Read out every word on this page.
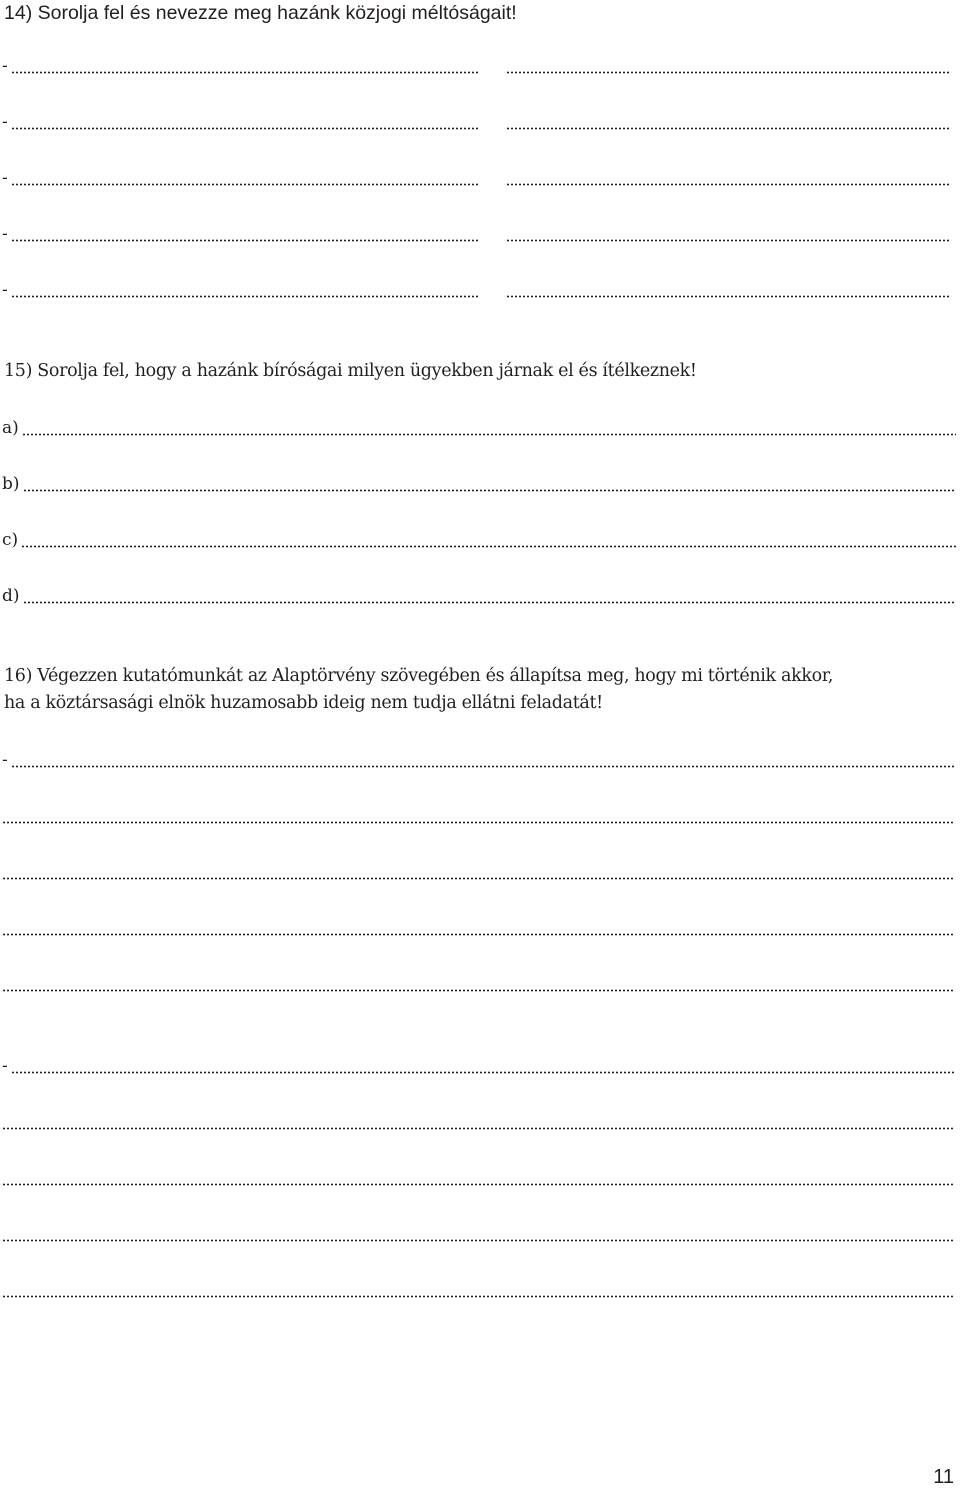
14) Sorolja fel és nevezze meg hazánk közjogi méltóságait!

-
-
-
-
-

15) Sorolja fel, hogy a hazánk bíróságai milyen ügyekben járnak el és ítélkeznek!

a)
b)
c)
d)

16) Végezzen kutatómunkát az Alaptörvény szövegében és állapítsa meg, hogy mi történik akkor,

ha a köztársasági elnök huzamosabb ideig nem tudja ellátni feladatát!

-
-
11
